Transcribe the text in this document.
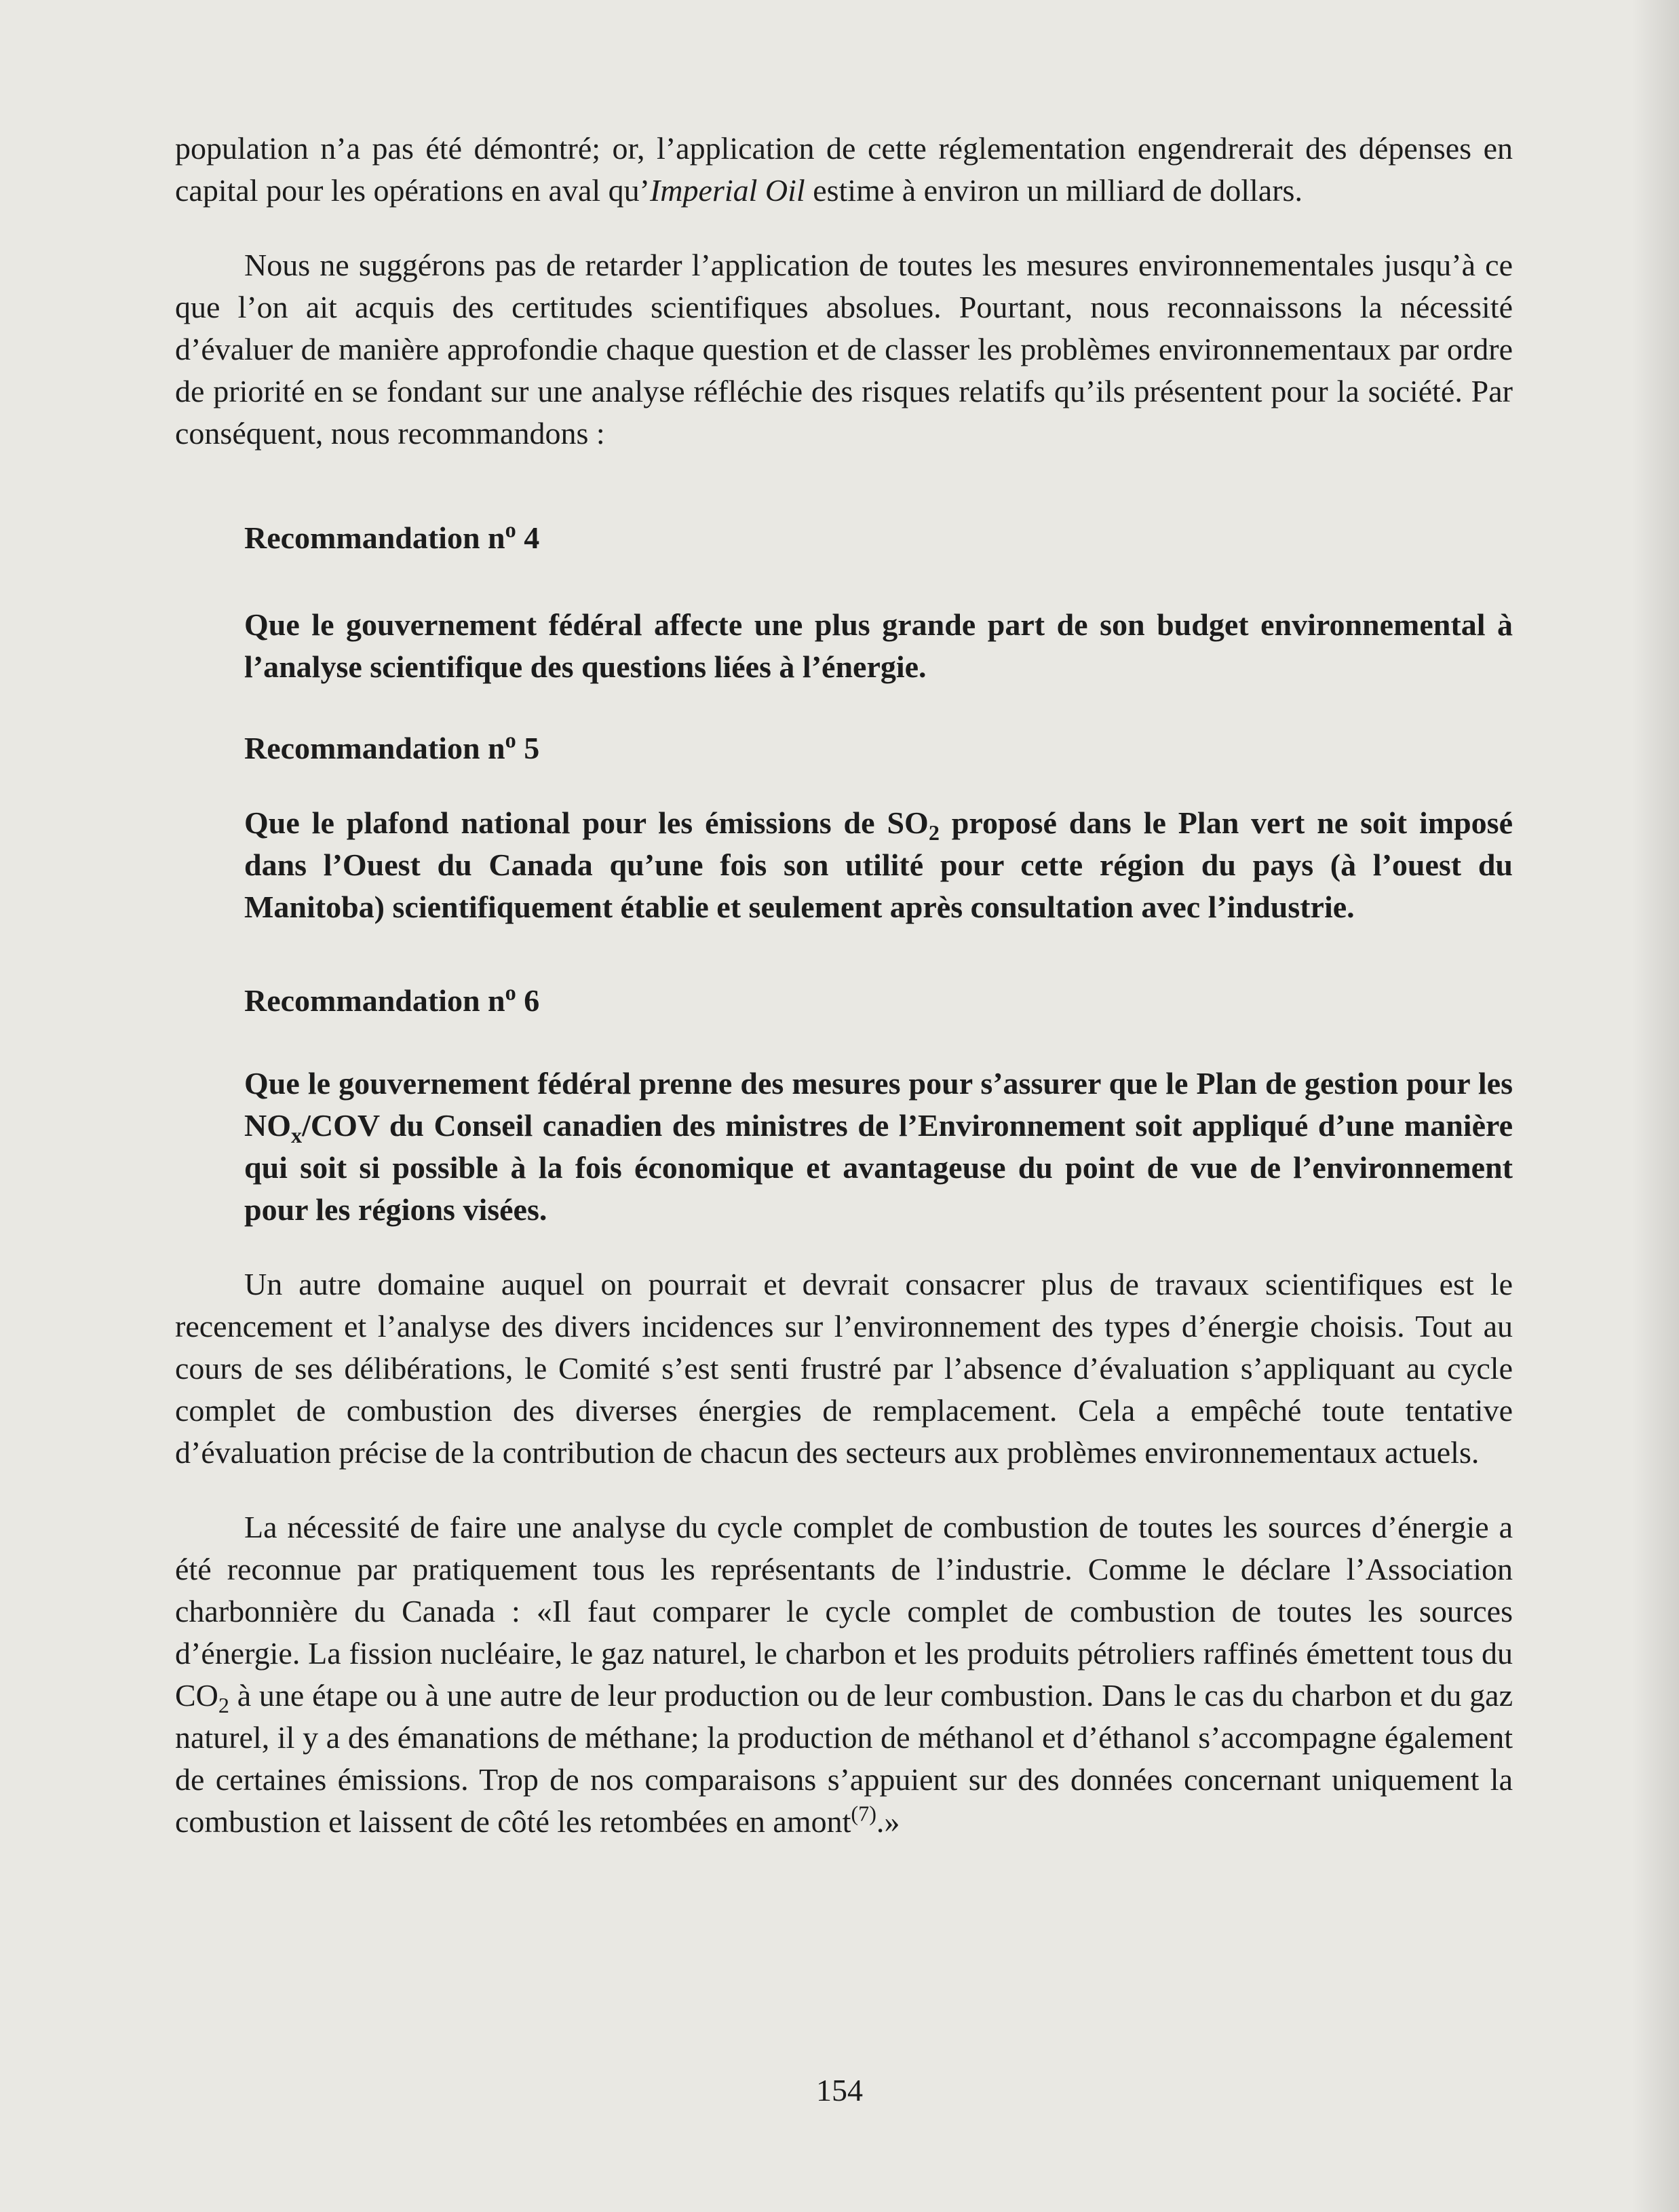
population n’a pas été démontré; or, l’application de cette réglementation engendrerait des dépenses en capital pour les opérations en aval qu’Imperial Oil estime à environ un milliard de dollars.

Nous ne suggérons pas de retarder l’application de toutes les mesures environnementales jusqu’à ce que l’on ait acquis des certitudes scientifiques absolues. Pourtant, nous reconnaissons la nécessité d’évaluer de manière approfondie chaque question et de classer les problèmes environnementaux par ordre de priorité en se fondant sur une analyse réfléchie des risques relatifs qu’ils présentent pour la société. Par conséquent, nous recommandons :

Recommandation $n^o$ 4

Que le gouvernement fédéral affecte une plus grande part de son budget environnemental à l’analyse scientifique des questions liées à l’énergie.

Recommandation $n^o$ 5

Que le plafond national pour les émissions de $SO_2$ proposé dans le Plan vert ne soit imposé dans l’Ouest du Canada qu’une fois son utilité pour cette région du pays (à l’ouest du Manitoba) scientifiquement établie et seulement après consultation avec l’industrie.

Recommandation $n^o$ 6

Que le gouvernement fédéral prenne des mesures pour s’assurer que le Plan de gestion pour les $NO_x$/COV du Conseil canadien des ministres de l’Environnement soit appliqué d’une manière qui soit si possible à la fois économique et avantageuse du point de vue de l’environnement pour les régions visées.

Un autre domaine auquel on pourrait et devrait consacrer plus de travaux scientifiques est le recencement et l’analyse des divers incidences sur l’environnement des types d’énergie choisis. Tout au cours de ses délibérations, le Comité s’est senti frustré par l’absence d’évaluation s’appliquant au cycle complet de combustion des diverses énergies de remplacement. Cela a empêché toute tentative d’évaluation précise de la contribution de chacun des secteurs aux problèmes environnementaux actuels.

La nécessité de faire une analyse du cycle complet de combustion de toutes les sources d’énergie a été reconnue par pratiquement tous les représentants de l’industrie. Comme le déclare l’Association charbonnière du Canada : «Il faut comparer le cycle complet de combustion de toutes les sources d’énergie. La fission nucléaire, le gaz naturel, le charbon et les produits pétroliers raffinés émettent tous du $CO_2$ à une étape ou à une autre de leur production ou de leur combustion. Dans le cas du charbon et du gaz naturel, il y a des émanations de méthane; la production de méthanol et d’éthanol s’accompagne également de certaines émissions. Trop de nos comparaisons s’appuient sur des données concernant uniquement la combustion et laissent de côté les retombées en amont$^{(7)}$.»

154
